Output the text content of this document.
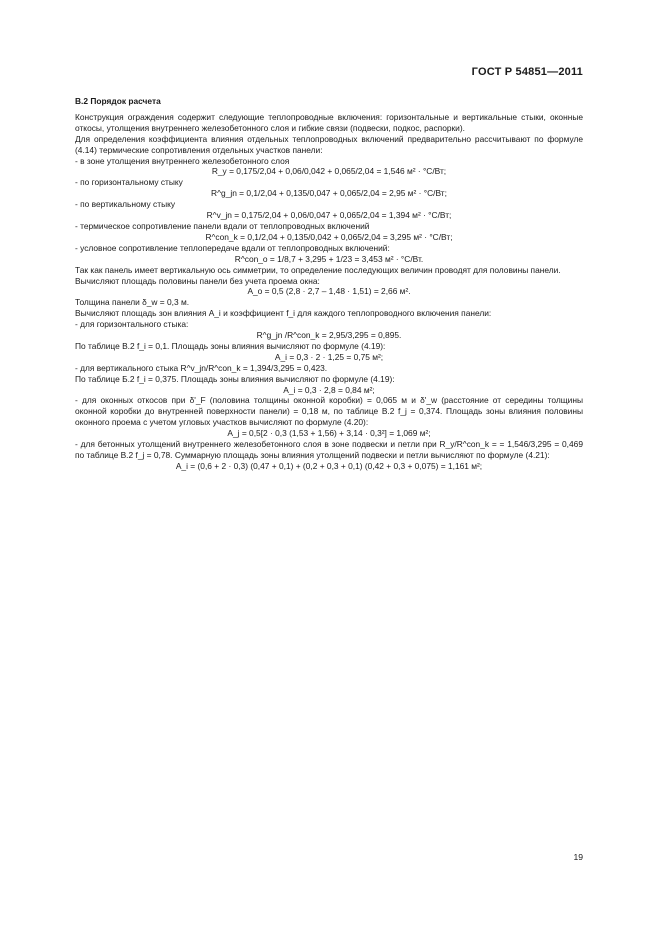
ГОСТ Р 54851—2011

В.2 Порядок расчета

Конструкция ограждения содержит следующие теплопроводные включения: горизонтальные и вертикальные стыки, оконные откосы, утолщения внутреннего железобетонного слоя и гибкие связи (подвески, подкос, распорки).

Для определения коэффициента влияния отдельных теплопроводных включений предварительно рассчитывают по формуле (4.14) термические сопротивления отдельных участков панели:

- в зоне утолщения внутреннего железобетонного слоя

R_y = 0,175/2,04 + 0,06/0,042 + 0,065/2,04 = 1,546 м² · °С/Вт;

- по горизонтальному стыку

R^g_jn = 0,1/2,04 + 0,135/0,047 + 0,065/2,04 = 2,95 м² · °С/Вт;

- по вертикальному стыку

R^v_jn = 0,175/2,04 + 0,06/0,047 + 0,065/2,04 = 1,394 м² · °С/Вт;

- термическое сопротивление панели вдали от теплопроводных включений

R^con_k = 0,1/2,04 + 0,135/0,042 + 0,065/2,04 = 3,295 м² · °С/Вт;

- условное сопротивление теплопередаче вдали от теплопроводных включений:

R^con_o = 1/8,7 + 3,295 + 1/23 = 3,453 м² · °С/Вт.

Так как панель имеет вертикальную ось симметрии, то определение последующих величин проводят для половины панели.

Вычисляют площадь половины панели без учета проема окна:

A_o = 0,5 (2,8 · 2,7 – 1,48 · 1,51) = 2,66 м².

Толщина панели δ_w = 0,3 м.

Вычисляют площадь зон влияния A_i и коэффициент f_i для каждого теплопроводного включения панели:

- для горизонтального стыка:

R^g_jn /R^con_k = 2,95/3,295 = 0,895.

По таблице В.2 f_i = 0,1. Площадь зоны влияния вычисляют по формуле (4.19):

A_i = 0,3 · 2 · 1,25 = 0,75 м²;

- для вертикального стыка R^v_jn/R^con_k = 1,394/3,295 = 0,423.

По таблице Б.2 f_i = 0,375. Площадь зоны влияния вычисляют по формуле (4.19):

A_i = 0,3 · 2,8 = 0,84 м²;

- для оконных откосов при δ'_F (половина толщины оконной коробки) = 0,065 м и δ'_w (расстояние от середины толщины оконной коробки до внутренней поверхности панели) = 0,18 м, по таблице В.2 f_j = 0,374. Площадь зоны влияния половины оконного проема с учетом угловых участков вычисляют по формуле (4.20):

A_j = 0,5[2 · 0,3 (1,53 + 1,56) + 3,14 · 0,3²] = 1,069 м²;

- для бетонных утолщений внутреннего железобетонного слоя в зоне подвески и петли при R_y/R^con_k = = 1,546/3,295 = 0,469 по таблице В.2 f_j = 0,78. Суммарную площадь зоны влияния утолщений подвески и петли вычисляют по формуле (4.21):

A_i = (0,6 + 2 · 0,3) (0,47 + 0,1) + (0,2 + 0,3 + 0,1) (0,42 + 0,3 + 0,075) = 1,161 м²;

19
